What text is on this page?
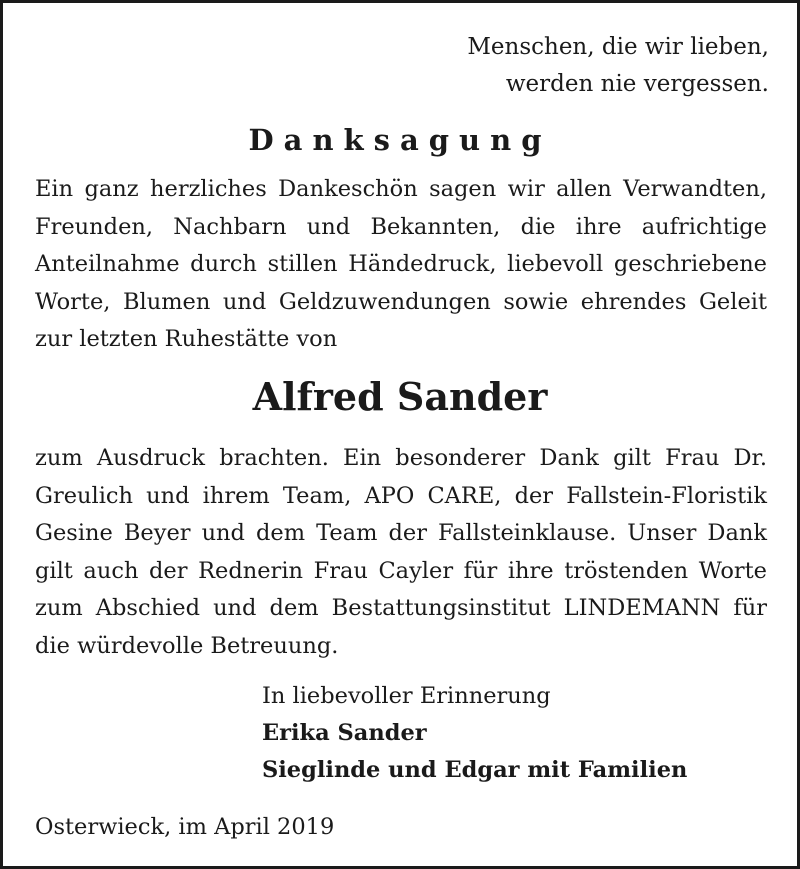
Menschen, die wir lieben,
werden nie vergessen.
Danksagung

Ein ganz herzliches Dankeschön sagen wir allen Verwandten, Freunden, Nachbarn und Bekannten, die ihre aufrichtige Anteilnahme durch stillen Händedruck, liebevoll geschriebene Worte, Blumen und Geldzuwendungen sowie ehrendes Geleit zur letzten Ruhestätte von

Alfred Sander

zum Ausdruck brachten. Ein besonderer Dank gilt Frau Dr. Greulich und ihrem Team, APO CARE, der Fallstein-Floristik Gesine Beyer und dem Team der Fallsteinklause. Unser Dank gilt auch der Rednerin Frau Cayler für ihre tröstenden Worte zum Abschied und dem Bestattungsinstitut LINDEMANN für die würdevolle Betreuung.

In liebevoller Erinnerung
Erika Sander
Sieglinde und Edgar mit Familien
Osterwieck, im April 2019
